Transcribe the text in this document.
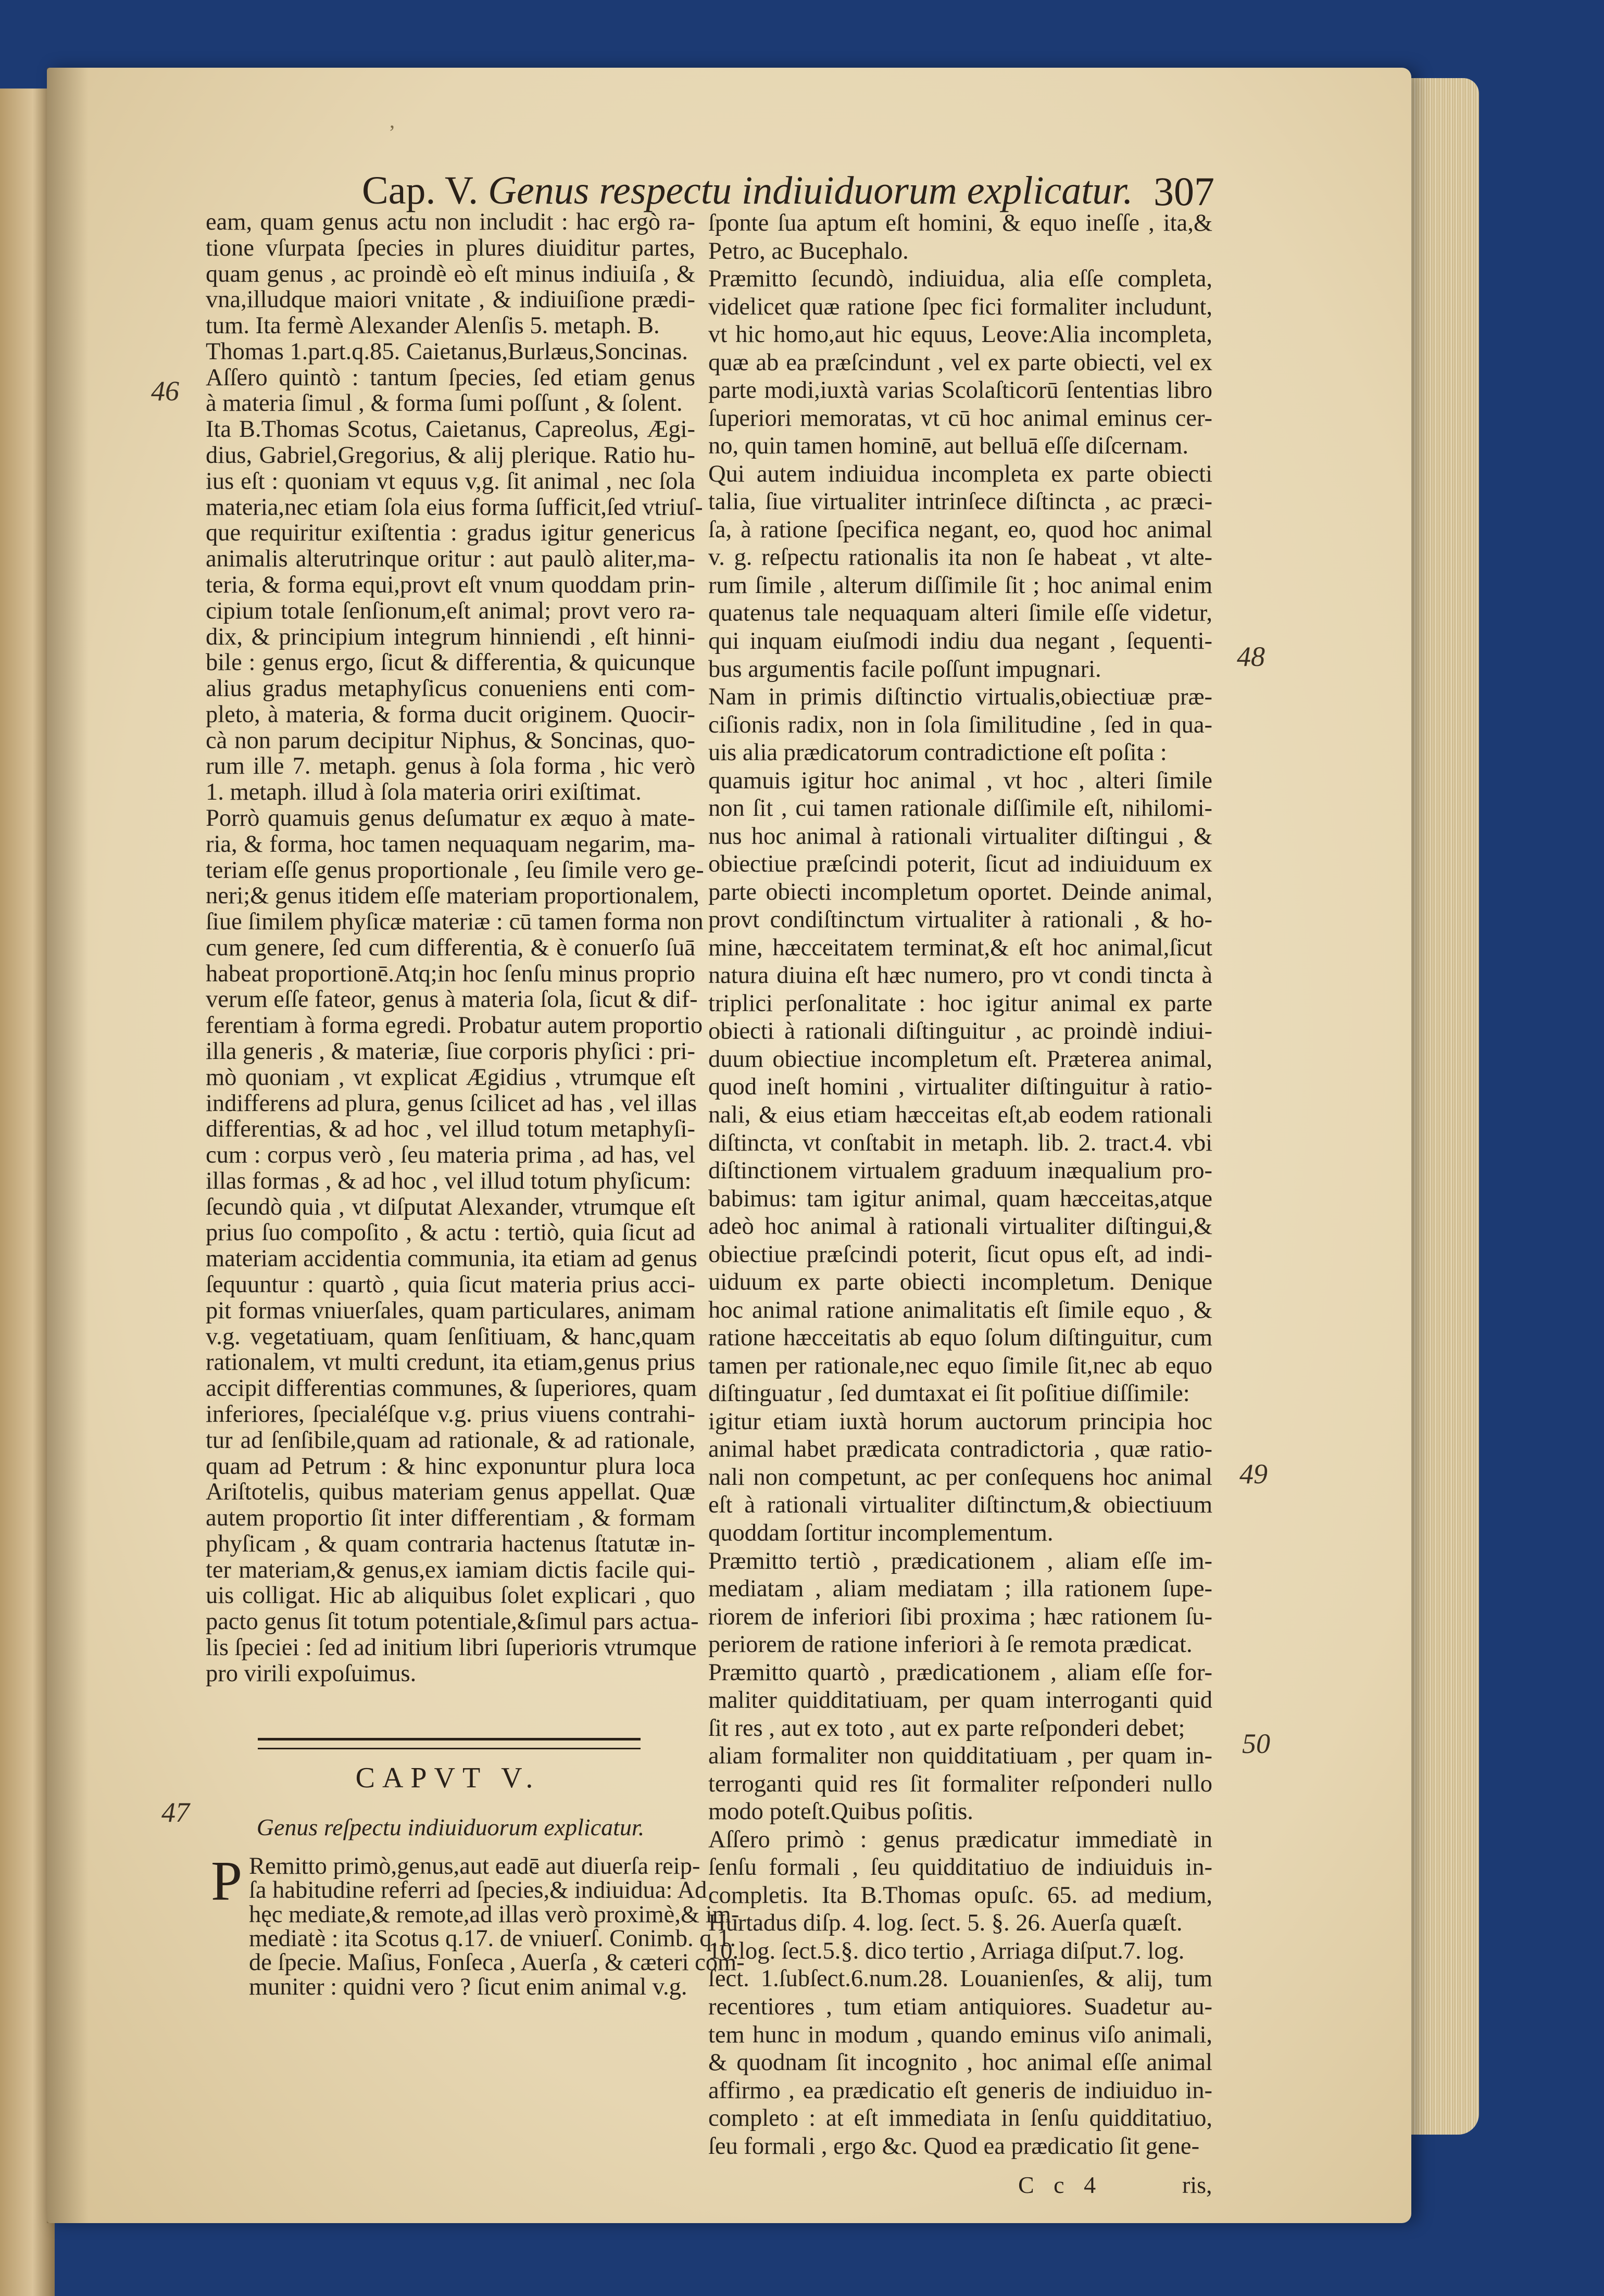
,
Cap. V. Genus respectu indiuiduorum explicatur. 307
46
47
48
49
50
eam, quam genus actu non includit : hac ergò ra-
tione vſurpata ſpecies in plures diuiditur partes,
quam genus , ac proindè eò eſt minus indiuiſa , &
vna,illudque maiori vnitate , & indiuiſione prædi-
tum. Ita fermè Alexander Alenſis 5. metaph. B.
Thomas 1.part.q.85. Caietanus,Burlæus,Soncinas.
Aſſero quintò : tantum ſpecies, ſed etiam genus
à materia ſimul , & forma ſumi poſſunt , & ſolent.
Ita B.Thomas Scotus, Caietanus, Capreolus, Ægi-
dius, Gabriel,Gregorius, & alij plerique. Ratio hu-
ius eſt : quoniam vt equus v,g. ſit animal , nec ſola
materia,nec etiam ſola eius forma ſufficit,ſed vtriuſ-
que requiritur exiſtentia : gradus igitur genericus
animalis alterutrinque oritur : aut paulò aliter,ma-
teria, & forma equi,provt eſt vnum quoddam prin-
cipium totale ſenſionum,eſt animal; provt vero ra-
dix, & principium integrum hinniendi , eſt hinni-
bile : genus ergo, ſicut & differentia, & quicunque
alius gradus metaphyſicus conueniens enti com-
pleto, à materia, & forma ducit originem. Quocir-
cà non parum decipitur Niphus, & Soncinas, quo-
rum ille 7. metaph. genus à ſola forma , hic verò
1. metaph. illud à ſola materia oriri exiſtimat.
Porrò quamuis genus deſumatur ex æquo à mate-
ria, & forma, hoc tamen nequaquam negarim, ma-
teriam eſſe genus proportionale , ſeu ſimile vero ge-
neri;& genus itidem eſſe materiam proportionalem,
ſiue ſimilem phyſicæ materiæ : cū tamen forma non
cum genere, ſed cum differentia, & è conuerſo ſuā
habeat proportionē.Atq;in hoc ſenſu minus proprio
verum eſſe fateor, genus à materia ſola, ſicut & dif-
ferentiam à forma egredi. Probatur autem proportio
illa generis , & materiæ, ſiue corporis phyſici : pri-
mò quoniam , vt explicat Ægidius , vtrumque eſt
indifferens ad plura, genus ſcilicet ad has , vel illas
differentias, & ad hoc , vel illud totum metaphyſi-
cum : corpus verò , ſeu materia prima , ad has, vel
illas formas , & ad hoc , vel illud totum phyſicum:
ſecundò quia , vt diſputat Alexander, vtrumque eſt
prius ſuo compoſito , & actu : tertiò, quia ſicut ad
materiam accidentia communia, ita etiam ad genus
ſequuntur : quartò , quia ſicut materia prius acci-
pit formas vniuerſales, quam particulares, animam
v.g. vegetatiuam, quam ſenſitiuam, & hanc,quam
rationalem, vt multi credunt, ita etiam,genus prius
accipit differentias communes, & ſuperiores, quam
inferiores, ſpecialéſque v.g. prius viuens contrahi-
tur ad ſenſibile,quam ad rationale, & ad rationale,
quam ad Petrum : & hinc exponuntur plura loca
Ariſtotelis, quibus materiam genus appellat. Quæ
autem proportio ſit inter differentiam , & formam
phyſicam , & quam contraria hactenus ſtatutæ in-
ter materiam,& genus,ex iamiam dictis facile qui-
uis colligat. Hic ab aliquibus ſolet explicari , quo
pacto genus ſit totum potentiale,&ſimul pars actua-
lis ſpeciei : ſed ad initium libri ſuperioris vtrumque
pro virili expoſuimus.
CAPVT V.
Genus reſpectu indiuiduorum explicatur.
P Remitto primò,genus,aut eadē aut diuerſa reip-
ſa habitudine referri ad ſpecies,& indiuidua: Ad
hęc mediate,& remote,ad illas verò proximè,& im-
mediatè : ita Scotus q.17. de vniuerſ. Conimb. q.1.
de ſpecie. Maſius, Fonſeca , Auerſa , & cæteri com-
muniter : quidni vero ? ſicut enim animal v.g.
ſponte ſua aptum eſt homini, & equo ineſſe , ita,&
Petro, ac Bucephalo.
Præmitto ſecundò, indiuidua, alia eſſe completa,
videlicet quæ ratione ſpec fici formaliter includunt,
vt hic homo,aut hic equus, Leove:Alia incompleta,
quæ ab ea præſcindunt , vel ex parte obiecti, vel ex
parte modi,iuxtà varias Scolaſticorū ſententias libro
ſuperiori memoratas, vt cū hoc animal eminus cer-
no, quin tamen hominē, aut belluā eſſe diſcernam.
Qui autem indiuidua incompleta ex parte obiecti
talia, ſiue virtualiter intrinſece diſtincta , ac præci-
ſa, à ratione ſpecifica negant, eo, quod hoc animal
v. g. reſpectu rationalis ita non ſe habeat , vt alte-
rum ſimile , alterum diſſimile ſit ; hoc animal enim
quatenus tale nequaquam alteri ſimile eſſe videtur,
qui inquam eiuſmodi indiu dua negant , ſequenti-
bus argumentis facile poſſunt impugnari.
Nam in primis diſtinctio virtualis,obiectiuæ præ-
ciſionis radix, non in ſola ſimilitudine , ſed in qua-
uis alia prædicatorum contradictione eſt poſita :
quamuis igitur hoc animal , vt hoc , alteri ſimile
non ſit , cui tamen rationale diſſimile eſt, nihilomi-
nus hoc animal à rationali virtualiter diſtingui , &
obiectiue præſcindi poterit, ſicut ad indiuiduum ex
parte obiecti incompletum oportet. Deinde animal,
provt condiſtinctum virtualiter à rationali , & ho-
mine, hæcceitatem terminat,& eſt hoc animal,ſicut
natura diuina eſt hæc numero, pro vt condi tincta à
triplici perſonalitate : hoc igitur animal ex parte
obiecti à rationali diſtinguitur , ac proindè indiui-
duum obiectiue incompletum eſt. Præterea animal,
quod ineſt homini , virtualiter diſtinguitur à ratio-
nali, & eius etiam hæcceitas eſt,ab eodem rationali
diſtincta, vt conſtabit in metaph. lib. 2. tract.4. vbi
diſtinctionem virtualem graduum inæqualium pro-
babimus: tam igitur animal, quam hæcceitas,atque
adeò hoc animal à rationali virtualiter diſtingui,&
obiectiue præſcindi poterit, ſicut opus eſt, ad indi-
uiduum ex parte obiecti incompletum. Denique
hoc animal ratione animalitatis eſt ſimile equo , &
ratione hæcceitatis ab equo ſolum diſtinguitur, cum
tamen per rationale,nec equo ſimile ſit,nec ab equo
diſtinguatur , ſed dumtaxat ei ſit poſitiue diſſimile:
igitur etiam iuxtà horum auctorum principia hoc
animal habet prædicata contradictoria , quæ ratio-
nali non competunt, ac per conſequens hoc animal
eſt à rationali virtualiter diſtinctum,& obiectiuum
quoddam ſortitur incomplementum.
Præmitto tertiò , prædicationem , aliam eſſe im-
mediatam , aliam mediatam ; illa rationem ſupe-
riorem de inferiori ſibi proxima ; hæc rationem ſu-
periorem de ratione inferiori à ſe remota prædicat.
Præmitto quartò , prædicationem , aliam eſſe for-
maliter quidditatiuam, per quam interroganti quid
ſit res , aut ex toto , aut ex parte reſponderi debet;
aliam formaliter non quidditatiuam , per quam in-
terroganti quid res ſit formaliter reſponderi nullo
modo poteſt.Quibus poſitis.
Aſſero primò : genus prædicatur immediatè in
ſenſu formali , ſeu quidditatiuo de indiuiduis in-
completis. Ita B.Thomas opuſc. 65. ad medium,
Hurtadus diſp. 4. log. ſect. 5. §. 26. Auerſa quæſt.
10.log. ſect.5.§. dico tertio , Arriaga diſput.7. log.
ſect. 1.ſubſect.6.num.28. Louanienſes, & alij, tum
recentiores , tum etiam antiquiores. Suadetur au-
tem hunc in modum , quando eminus viſo animali,
& quodnam ſit incognito , hoc animal eſſe animal
affirmo , ea prædicatio eſt generis de indiuiduo in-
completo : at eſt immediata in ſenſu quidditatiuo,
ſeu formali , ergo &c. Quod ea prædicatio ſit gene-
C c 4	ris,
